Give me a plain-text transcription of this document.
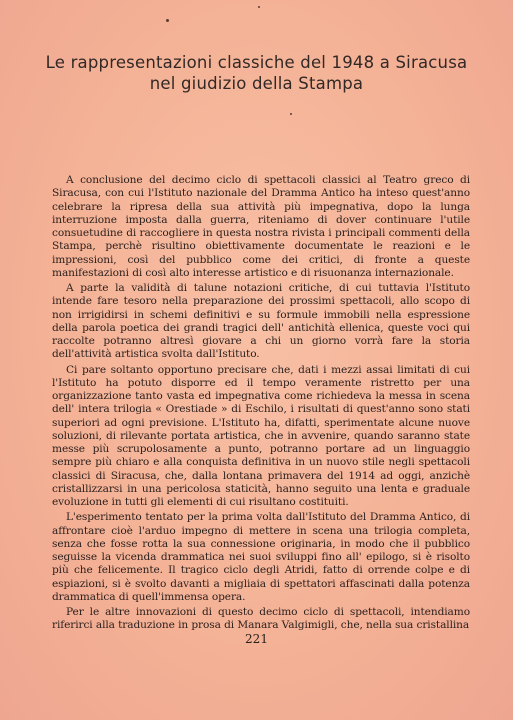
Le rappresentazioni classiche del 1948 a Siracusa
nel giudizio della Stampa

A conclusione del decimo ciclo di spettacoli classici al Teatro greco di Siracusa, con cui l'Istituto nazionale del Dramma Antico ha inteso quest'anno celebrare la ripresa della sua attività più impegnativa, dopo la lunga interruzione imposta dalla guerra, riteniamo di dover continuare l'utile consuetudine di raccogliere in questa nostra rivista i principali commenti della Stampa, perchè risultino obiettivamente documentate le reazioni e le impressioni, così del pubblico come dei critici, di fronte a queste manifestazioni di così alto interesse artistico e di risuonanza internazionale.

A parte la validità di talune notazioni critiche, di cui tuttavia l'Istituto intende fare tesoro nella preparazione dei prossimi spettacoli, allo scopo di non irrigidirsi in schemi definitivi e su formule immobili nella espressione della parola poetica dei grandi tragici dell' antichità ellenica, queste voci qui raccolte potranno altresì giovare a chi un giorno vorrà fare la storia dell'attività artistica svolta dall'Istituto.

Ci pare soltanto opportuno precisare che, dati i mezzi assai limitati di cui l'Istituto ha potuto disporre ed il tempo veramente ristretto per una organizzazione tanto vasta ed impegnativa come richiedeva la messa in scena dell' intera trilogia « Orestiade » di Eschilo, i risultati di quest'anno sono stati superiori ad ogni previsione. L'Istituto ha, difatti, sperimentate alcune nuove soluzioni, di rilevante portata artistica, che in avvenire, quando saranno state messe più scrupolosamente a punto, potranno portare ad un linguaggio sempre più chiaro e alla conquista definitiva in un nuovo stile negli spettacoli classici di Siracusa, che, dalla lontana primavera del 1914 ad oggi, anzichè cristallizzarsi in una pericolosa staticità, hanno seguito una lenta e graduale evoluzione in tutti gli elementi di cui risultano costituiti.

L'esperimento tentato per la prima volta dall'Istituto del Dramma Antico, di affrontare cioè l'arduo impegno di mettere in scena una trilogia completa, senza che fosse rotta la sua connessione originaria, in modo che il pubblico seguisse la vicenda drammatica nei suoi sviluppi fino all' epilogo, si è risolto più che felicemente. Il tragico ciclo degli Atridi, fatto di orrende colpe e di espiazioni, si è svolto davanti a migliaia di spettatori affascinati dalla potenza drammatica di quell'immensa opera.

Per le altre innovazioni di questo decimo ciclo di spettacoli, intendiamo riferirci alla traduzione in prosa di Manara Valgimigli, che, nella sua cristallina

221
